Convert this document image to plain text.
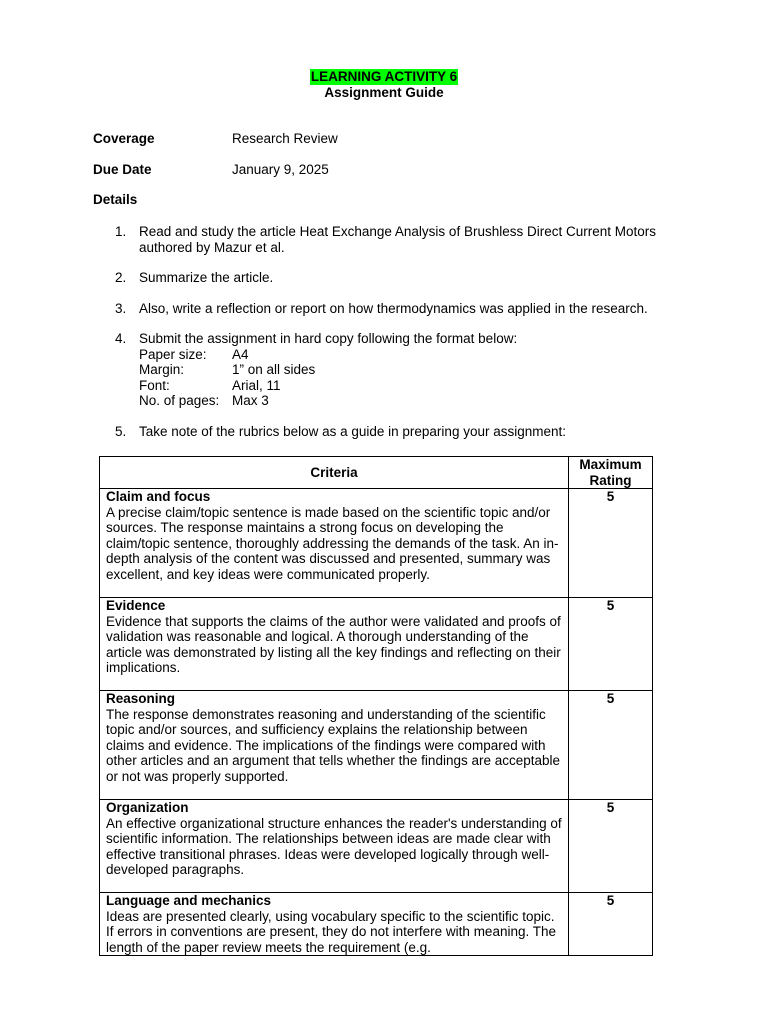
LEARNING ACTIVITY 6
Assignment Guide
Coverage	Research Review
Due Date	January 9, 2025
Details
1. Read and study the article Heat Exchange Analysis of Brushless Direct Current Motors authored by Mazur et al.
2. Summarize the article.
3. Also, write a reflection or report on how thermodynamics was applied in the research.
4. Submit the assignment in hard copy following the format below:
Paper size:	A4
Margin:	1” on all sides
Font:	Arial, 11
No. of pages: Max 3
5. Take note of the rubrics below as a guide in preparing your assignment:
Criteria	Maximum Rating

Claim and focus
A precise claim/topic sentence is made based on the scientific topic and/or sources. The response maintains a strong focus on developing the claim/topic sentence, thoroughly addressing the demands of the task. An in-depth analysis of the content was discussed and presented, summary was excellent, and key ideas were communicated properly.	5

Evidence
Evidence that supports the claims of the author were validated and proofs of validation was reasonable and logical. A thorough understanding of the article was demonstrated by listing all the key findings and reflecting on their implications.	5

Reasoning
The response demonstrates reasoning and understanding of the scientific topic and/or sources, and sufficiency explains the relationship between claims and evidence. The implications of the findings were compared with other articles and an argument that tells whether the findings are acceptable or not was properly supported.	5

Organization
An effective organizational structure enhances the reader's understanding of scientific information. The relationships between ideas are made clear with effective transitional phrases. Ideas were developed logically through well-developed paragraphs.	5

Language and mechanics
Ideas are presented clearly, using vocabulary specific to the scientific topic. If errors in conventions are present, they do not interfere with meaning. The length of the paper review meets the requirement (e.g.	5
